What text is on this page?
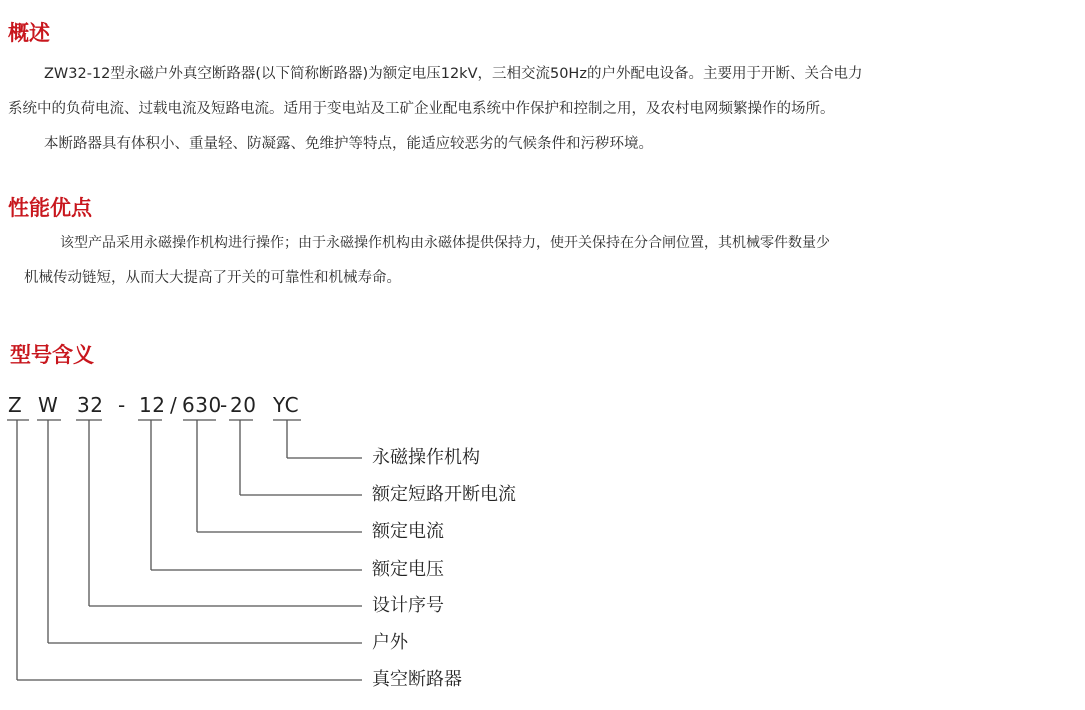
概述

ZW32-12型永磁户外真空断路器(以下简称断路器)为额定电压12kV，三相交流50Hz的户外配电设备。主要用于开断、关合电力

系统中的负荷电流、过载电流及短路电流。适用于变电站及工矿企业配电系统中作保护和控制之用，及农村电网频繁操作的场所。

本断路器具有体积小、重量轻、防凝露、免维护等特点，能适应较恶劣的气候条件和污秽环境。

性能优点

该型产品采用永磁操作机构进行操作；由于永磁操作机构由永磁体提供保持力，使开关保持在分合闸位置，其机械零件数量少

机械传动链短，从而大大提高了开关的可靠性和机械寿命。

型号含义
Z W 32 - 12 / 630
- 20 YC
永磁操作机构
额定短路开断电流
额定电流
额定电压
设计序号
户外
真空断路器
